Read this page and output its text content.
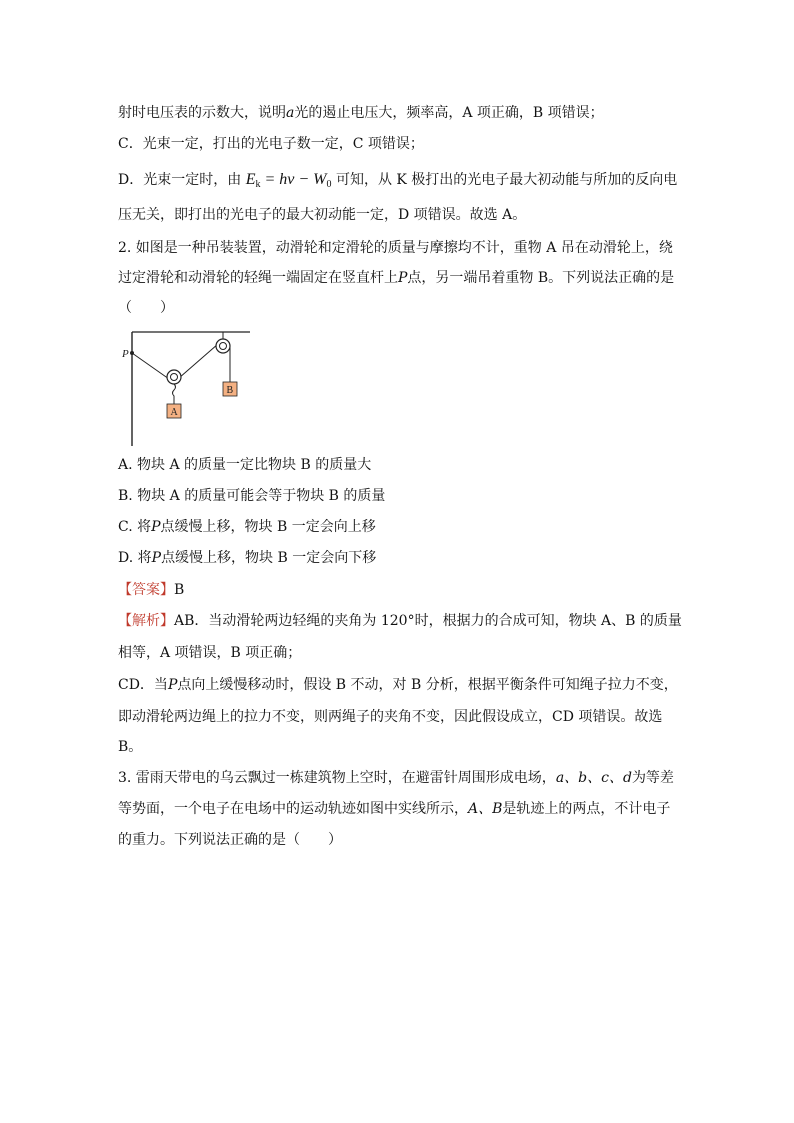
射时电压表的示数大，说明a光的遏止电压大，频率高，A 项正确，B 项错误；
C．光束一定，打出的光电子数一定，C 项错误；
D．光束一定时，由 $E_k = h\nu - W_0$ 可知，从 K 极打出的光电子最大初动能与所加的反向电
压无关，即打出的光电子的最大初动能一定，D 项错误。故选 A。
2. 如图是一种吊装装置，动滑轮和定滑轮的质量与摩擦均不计，重物 A 吊在动滑轮上，绕
过定滑轮和动滑轮的轻绳一端固定在竖直杆上P点，另一端吊着重物 B。下列说法正确的是
（　　）
P
B
A
A. 物块 A 的质量一定比物块 B 的质量大
B. 物块 A 的质量可能会等于物块 B 的质量
C. 将P点缓慢上移，物块 B 一定会向上移
D. 将P点缓慢上移，物块 B 一定会向下移
【答案】B
【解析】AB．当动滑轮两边轻绳的夹角为 120°时，根据力的合成可知，物块 A、B 的质量
相等，A 项错误，B 项正确；
CD．当P点向上缓慢移动时，假设 B 不动，对 B 分析，根据平衡条件可知绳子拉力不变，
即动滑轮两边绳上的拉力不变，则两绳子的夹角不变，因此假设成立，CD 项错误。故选
B。
3. 雷雨天带电的乌云飘过一栋建筑物上空时，在避雷针周围形成电场，a、b、c、d为等差
等势面，一个电子在电场中的运动轨迹如图中实线所示，A、B是轨迹上的两点，不计电子
的重力。下列说法正确的是（　　）
